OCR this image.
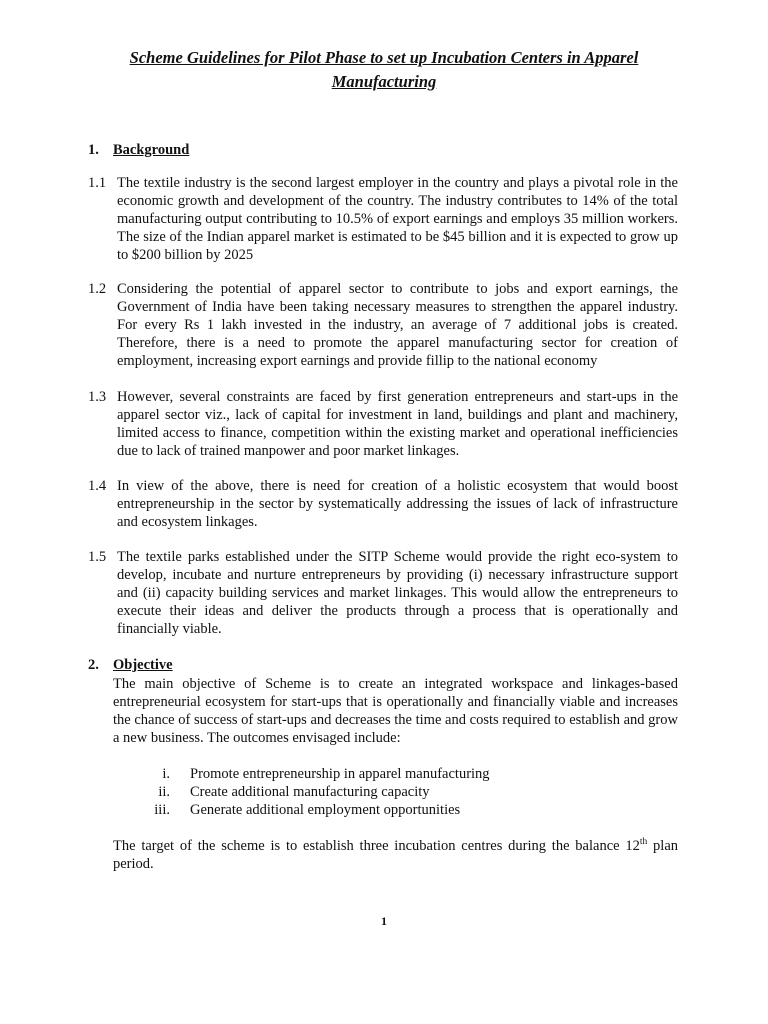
Scheme Guidelines for Pilot Phase to set up Incubation Centers in Apparel Manufacturing
1. Background
1.1 The textile industry is the second largest employer in the country and plays a pivotal role in the economic growth and development of the country. The industry contributes to 14% of the total manufacturing output contributing to 10.5% of export earnings and employs 35 million workers. The size of the Indian apparel market is estimated to be $45 billion and it is expected to grow up to $200 billion by 2025
1.2 Considering the potential of apparel sector to contribute to jobs and export earnings, the Government of India have been taking necessary measures to strengthen the apparel industry. For every Rs 1 lakh invested in the industry, an average of 7 additional jobs is created. Therefore, there is a need to promote the apparel manufacturing sector for creation of employment, increasing export earnings and provide fillip to the national economy
1.3 However, several constraints are faced by first generation entrepreneurs and start-ups in the apparel sector viz., lack of capital for investment in land, buildings and plant and machinery, limited access to finance, competition within the existing market and operational inefficiencies due to lack of trained manpower and poor market linkages.
1.4 In view of the above, there is need for creation of a holistic ecosystem that would boost entrepreneurship in the sector by systematically addressing the issues of lack of infrastructure and ecosystem linkages.
1.5 The textile parks established under the SITP Scheme would provide the right eco-system to develop, incubate and nurture entrepreneurs by providing (i) necessary infrastructure support and (ii) capacity building services and market linkages. This would allow the entrepreneurs to execute their ideas and deliver the products through a process that is operationally and financially viable.
2. Objective
The main objective of Scheme is to create an integrated workspace and linkages-based entrepreneurial ecosystem for start-ups that is operationally and financially viable and increases the chance of success of start-ups and decreases the time and costs required to establish and grow a new business. The outcomes envisaged include:
i. Promote entrepreneurship in apparel manufacturing
ii. Create additional manufacturing capacity
iii. Generate additional employment opportunities
The target of the scheme is to establish three incubation centres during the balance 12th plan period.
1
